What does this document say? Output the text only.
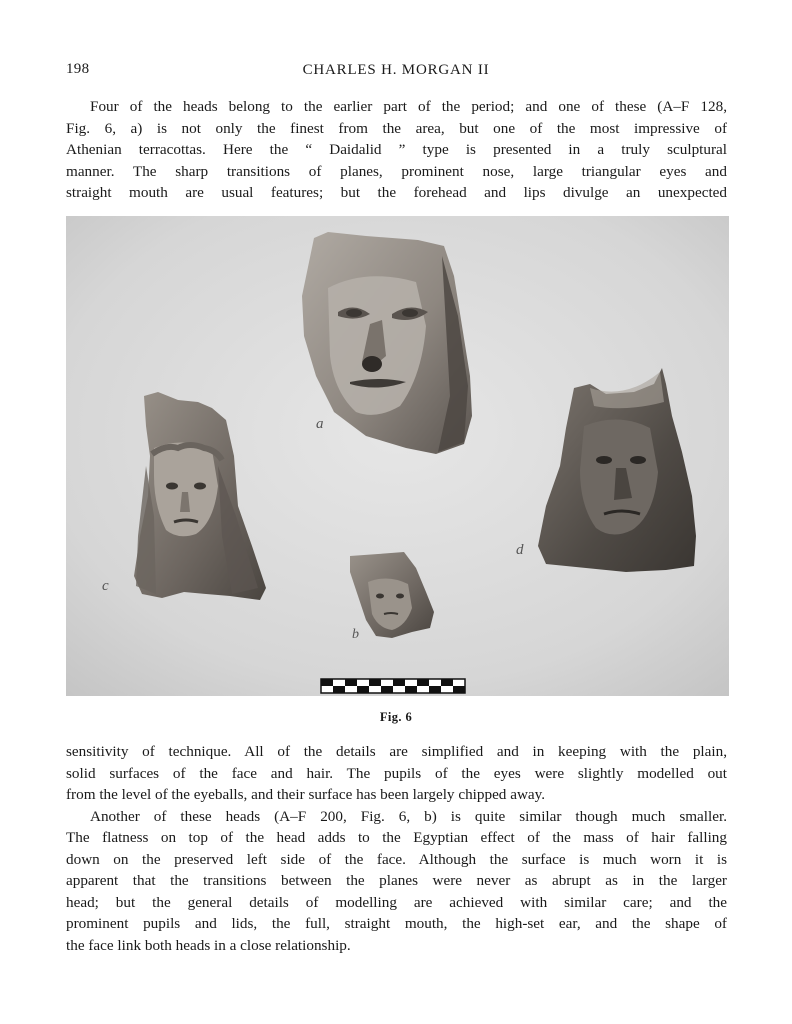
198	CHARLES H. MORGAN II
Four of the heads belong to the earlier part of the period; and one of these (A–F 128,
Fig. 6, a) is not only the finest from the area, but one of the most impressive of
Athenian terracottas. Here the “ Daidalid ” type is presented in a truly sculptural
manner. The sharp transitions of planes, prominent nose, large triangular eyes and
straight mouth are usual features; but the forehead and lips divulge an unexpected
a
c
d
b
Fig. 6
sensitivity of technique. All of the details are simplified and in keeping with the plain,
solid surfaces of the face and hair. The pupils of the eyes were slightly modelled out
from the level of the eyeballs, and their surface has been largely chipped away.
Another of these heads (A–F 200, Fig. 6, b) is quite similar though much smaller.
The flatness on top of the head adds to the Egyptian effect of the mass of hair falling
down on the preserved left side of the face. Although the surface is much worn it is
apparent that the transitions between the planes were never as abrupt as in the larger
head; but the general details of modelling are achieved with similar care; and the
prominent pupils and lids, the full, straight mouth, the high-set ear, and the shape of
the face link both heads in a close relationship.
